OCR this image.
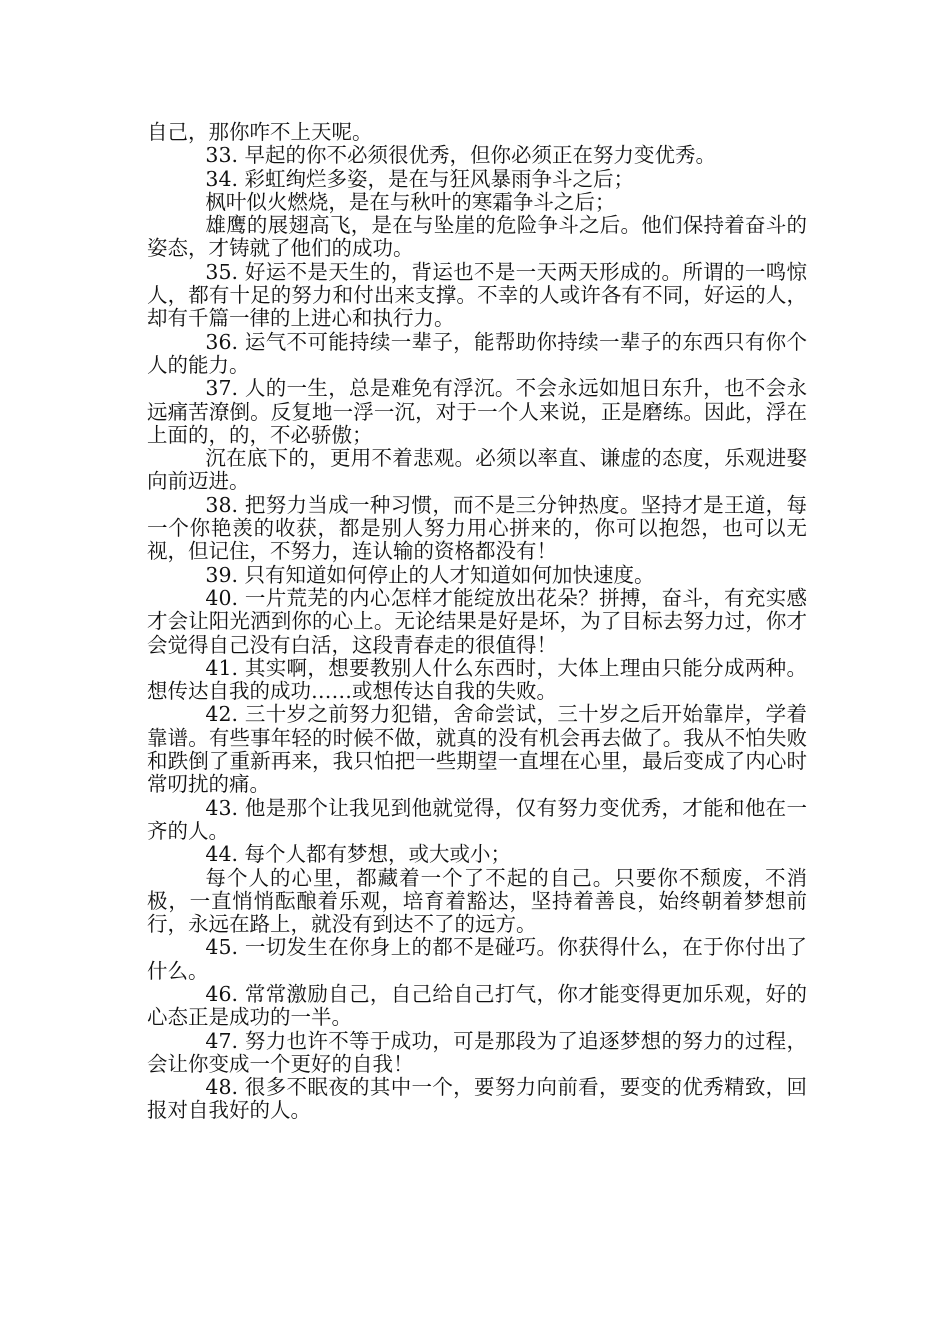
自己，那你咋不上天呢。

33. 早起的你不必须很优秀，但你必须正在努力变优秀。

34. 彩虹绚烂多姿，是在与狂风暴雨争斗之后；

枫叶似火燃烧，是在与秋叶的寒霜争斗之后；

雄鹰的展翅高飞，是在与坠崖的危险争斗之后。他们保持着奋斗的姿态，才铸就了他们的成功。

35. 好运不是天生的，背运也不是一天两天形成的。所谓的一鸣惊人，都有十足的努力和付出来支撑。不幸的人或许各有不同，好运的人，却有千篇一律的上进心和执行力。

36. 运气不可能持续一辈子，能帮助你持续一辈子的东西只有你个人的能力。

37. 人的一生，总是难免有浮沉。不会永远如旭日东升，也不会永远痛苦潦倒。反复地一浮一沉，对于一个人来说，正是磨练。因此，浮在上面的，的，不必骄傲；

沉在底下的，更用不着悲观。必须以率直、谦虚的态度，乐观进娶向前迈进。

38. 把努力当成一种习惯，而不是三分钟热度。坚持才是王道，每一个你艳羡的收获，都是别人努力用心拼来的，你可以抱怨，也可以无视，但记住，不努力，连认输的资格都没有！

39. 只有知道如何停止的人才知道如何加快速度。

40. 一片荒芜的内心怎样才能绽放出花朵？拼搏，奋斗，有充实感才会让阳光洒到你的心上。无论结果是好是坏，为了目标去努力过，你才会觉得自己没有白活，这段青春走的很值得！

41. 其实啊，想要教别人什么东西时，大体上理由只能分成两种。想传达自我的成功……或想传达自我的失败。

42. 三十岁之前努力犯错，舍命尝试，三十岁之后开始靠岸，学着靠谱。有些事年轻的时候不做，就真的没有机会再去做了。我从不怕失败和跌倒了重新再来，我只怕把一些期望一直埋在心里，最后变成了内心时常叨扰的痛。

43. 他是那个让我见到他就觉得，仅有努力变优秀，才能和他在一齐的人。

44. 每个人都有梦想，或大或小；

每个人的心里，都藏着一个了不起的自己。只要你不颓废，不消极，一直悄悄酝酿着乐观，培育着豁达，坚持着善良，始终朝着梦想前行，永远在路上，就没有到达不了的远方。

45. 一切发生在你身上的都不是碰巧。你获得什么，在于你付出了什么。

46. 常常激励自己，自己给自己打气，你才能变得更加乐观，好的心态正是成功的一半。

47. 努力也许不等于成功，可是那段为了追逐梦想的努力的过程，会让你变成一个更好的自我！

48. 很多不眠夜的其中一个，要努力向前看，要变的优秀精致，回报对自我好的人。
